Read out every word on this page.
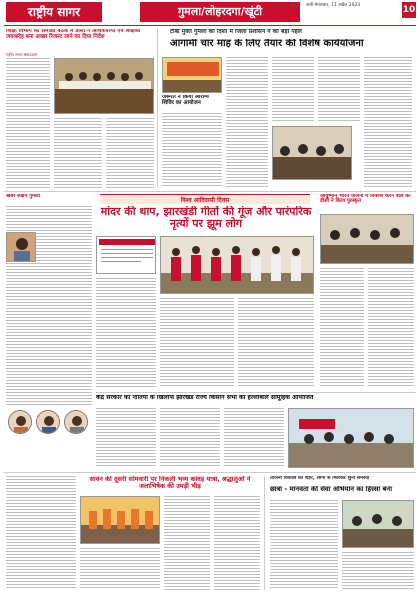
राष्ट्रीय सागर	गुमला/लोहरदगा/खूंटी	रांची मंगलवार, 11 अप्रैल 2023	10
शिक्षा विभाग की समीक्षा बैठक में डीसी ने अधिकारियों एवं शिक्षकों जवाबदेह बना अच्छा रिजल्ट लाने का दिया निर्देश
राष्ट्रीय सागर संवाददाता
टीबी मुक्त गुमला की दिशा में जिला प्रशासन ने की बड़ी पहल
आगामी चार माह के लिए तैयार की विशेष कार्ययोजना
जरूरत ने किया आरोग्य शिविर का आयोजन
विश्व आदिवासी दिवस
खबर संक्षेप गुमला
मांदर की थाप, झारखंडी गीतों की गूंज और पारंपरिक नृत्यों पर झूम लोग
आयुष्मान भारत योजना में विकास करने वाले को डीसी ने किया पुरस्कृत
केंद्र सरकार की नीतियों के खिलाफ झारखंड राज्य किसान सभा का हल्लाबोल सामूहिक आयोजित
सावन की दूसरी सोमवारी पर निकली भव्य कांवड़ यात्रा, श्रद्धालुओं ने जलाभिषेक की उमड़ी भीड़
तेजिनी विकास का शहर, लोगों से मिलकर सुनी समस्या
छात्रा - मानवता की सेवा अभियान का हिस्सा बना
